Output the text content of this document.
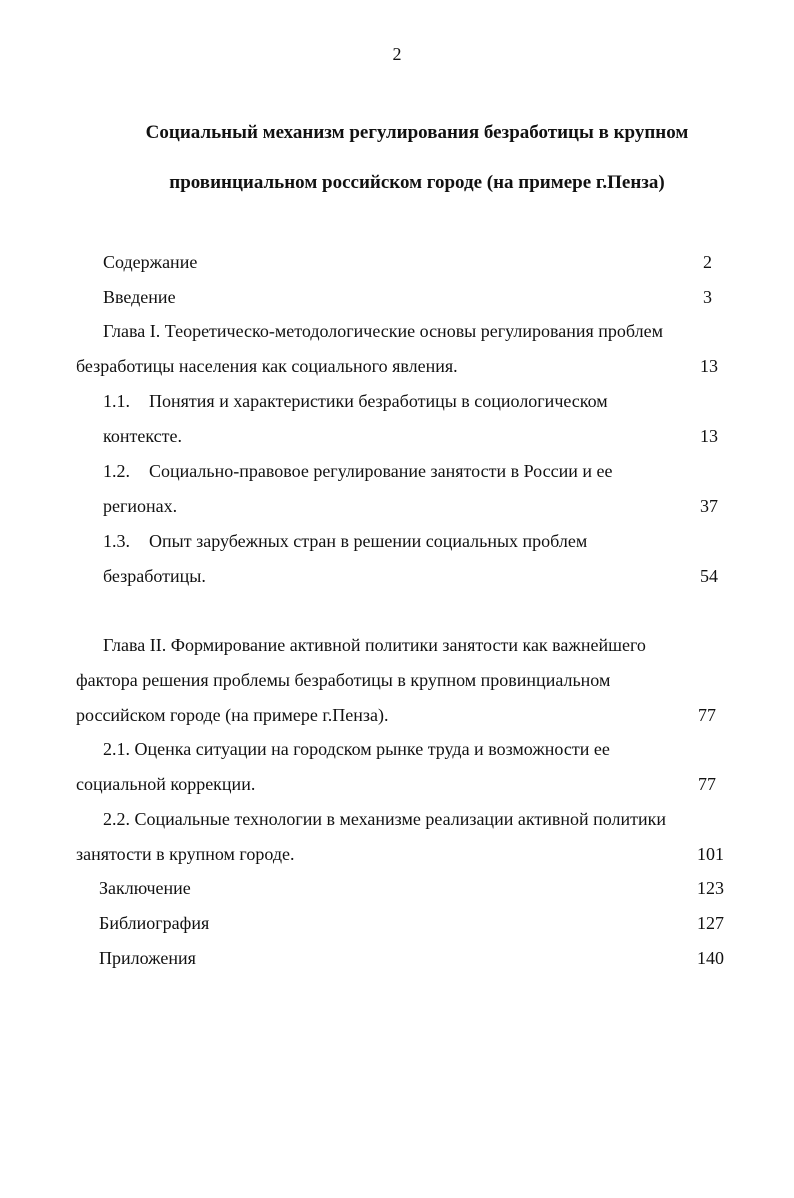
2
Социальный механизм регулирования безработицы в крупном
провинциальном российском городе (на примере г.Пенза)
Содержание	2
Введение	3
Глава I. Теоретическо-методологические основы регулирования проблем
безработицы населения как социального явления.	13
1.1. Понятия и характеристики безработицы в социологическом
контексте.	13
1.2. Социально-правовое регулирование занятости в России и ее
регионах.	37
1.3. Опыт зарубежных стран в решении социальных проблем
безработицы.	54
Глава II. Формирование активной политики занятости как важнейшего
фактора решения проблемы безработицы в крупном провинциальном
российском городе (на примере г.Пенза).	77
2.1. Оценка ситуации на городском рынке труда и возможности ее
социальной коррекции.	77
2.2. Социальные технологии в механизме реализации активной политики
занятости в крупном городе.	101
Заключение	123
Библиография	127
Приложения	140
